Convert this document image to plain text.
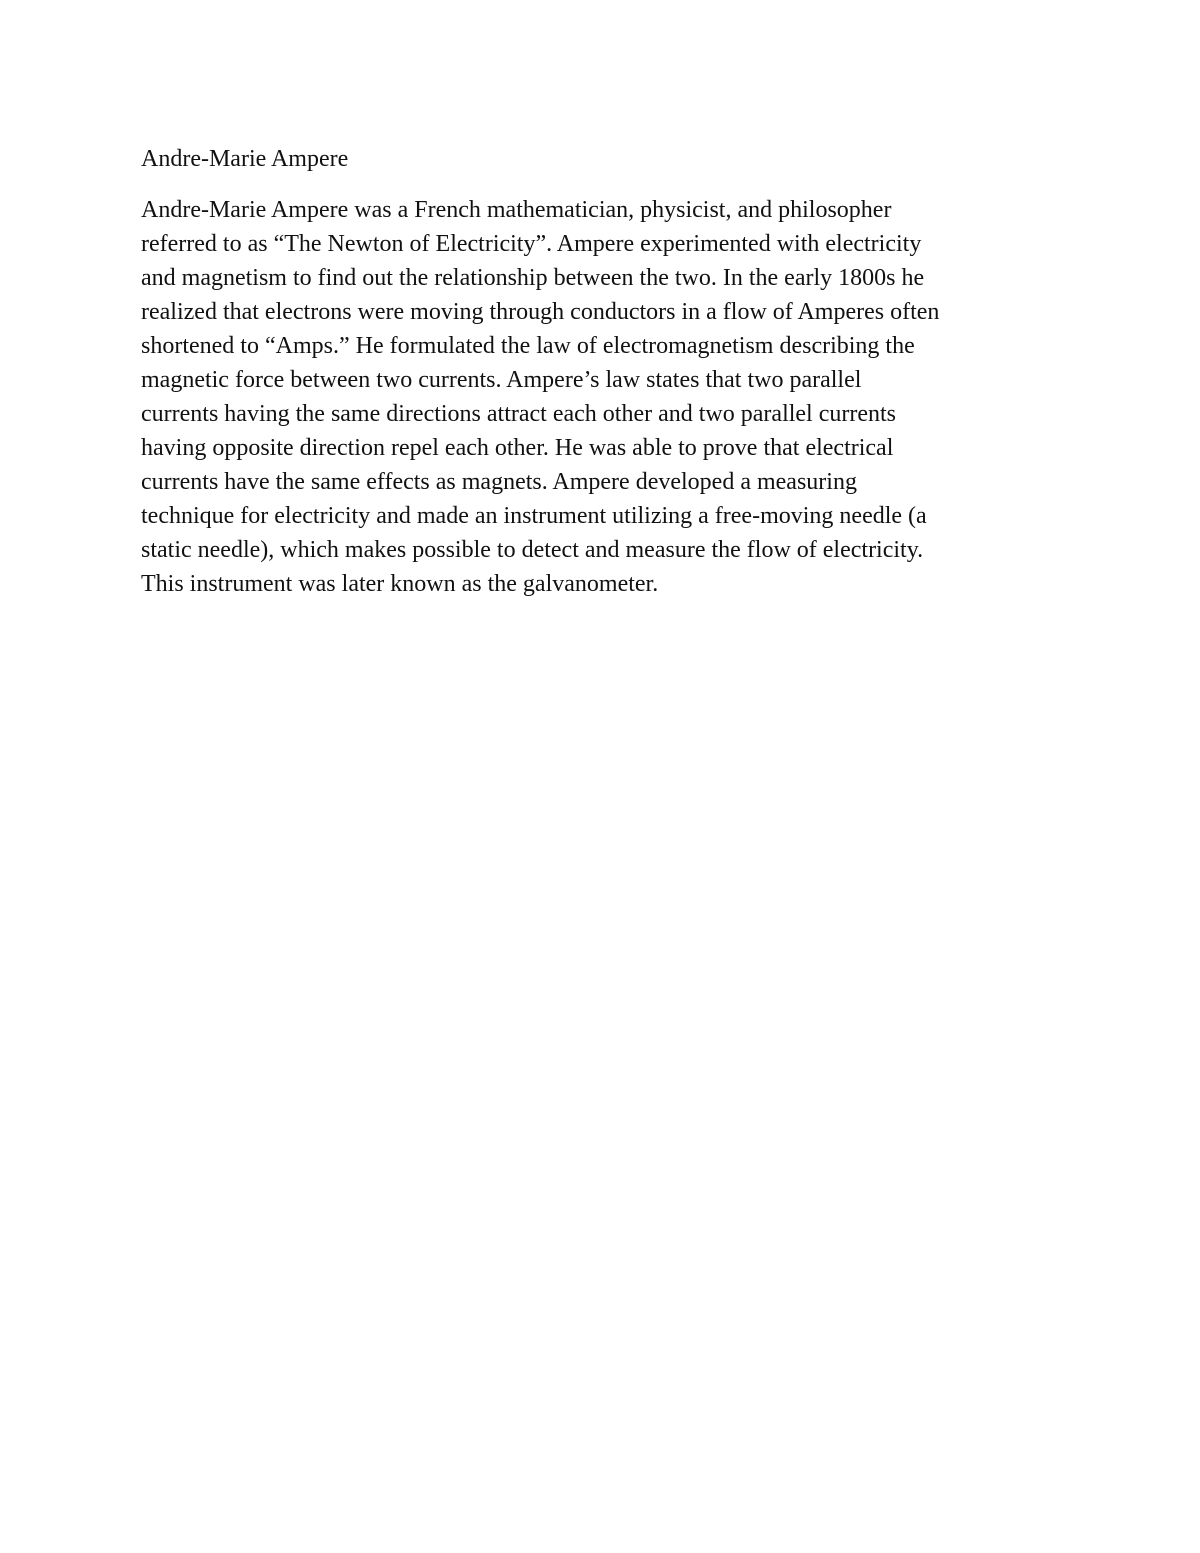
Andre-Marie Ampere
Andre-Marie Ampere was a French mathematician, physicist, and philosopher
referred to as “The Newton of Electricity”. Ampere experimented with electricity
and magnetism to find out the relationship between the two. In the early 1800s he
realized that electrons were moving through conductors in a flow of Amperes often
shortened to “Amps.” He formulated the law of electromagnetism describing the
magnetic force between two currents. Ampere’s law states that two parallel
currents having the same directions attract each other and two parallel currents
having opposite direction repel each other. He was able to prove that electrical
currents have the same effects as magnets. Ampere developed a measuring
technique for electricity and made an instrument utilizing a free-moving needle (a
static needle), which makes possible to detect and measure the flow of electricity.
This instrument was later known as the galvanometer.
